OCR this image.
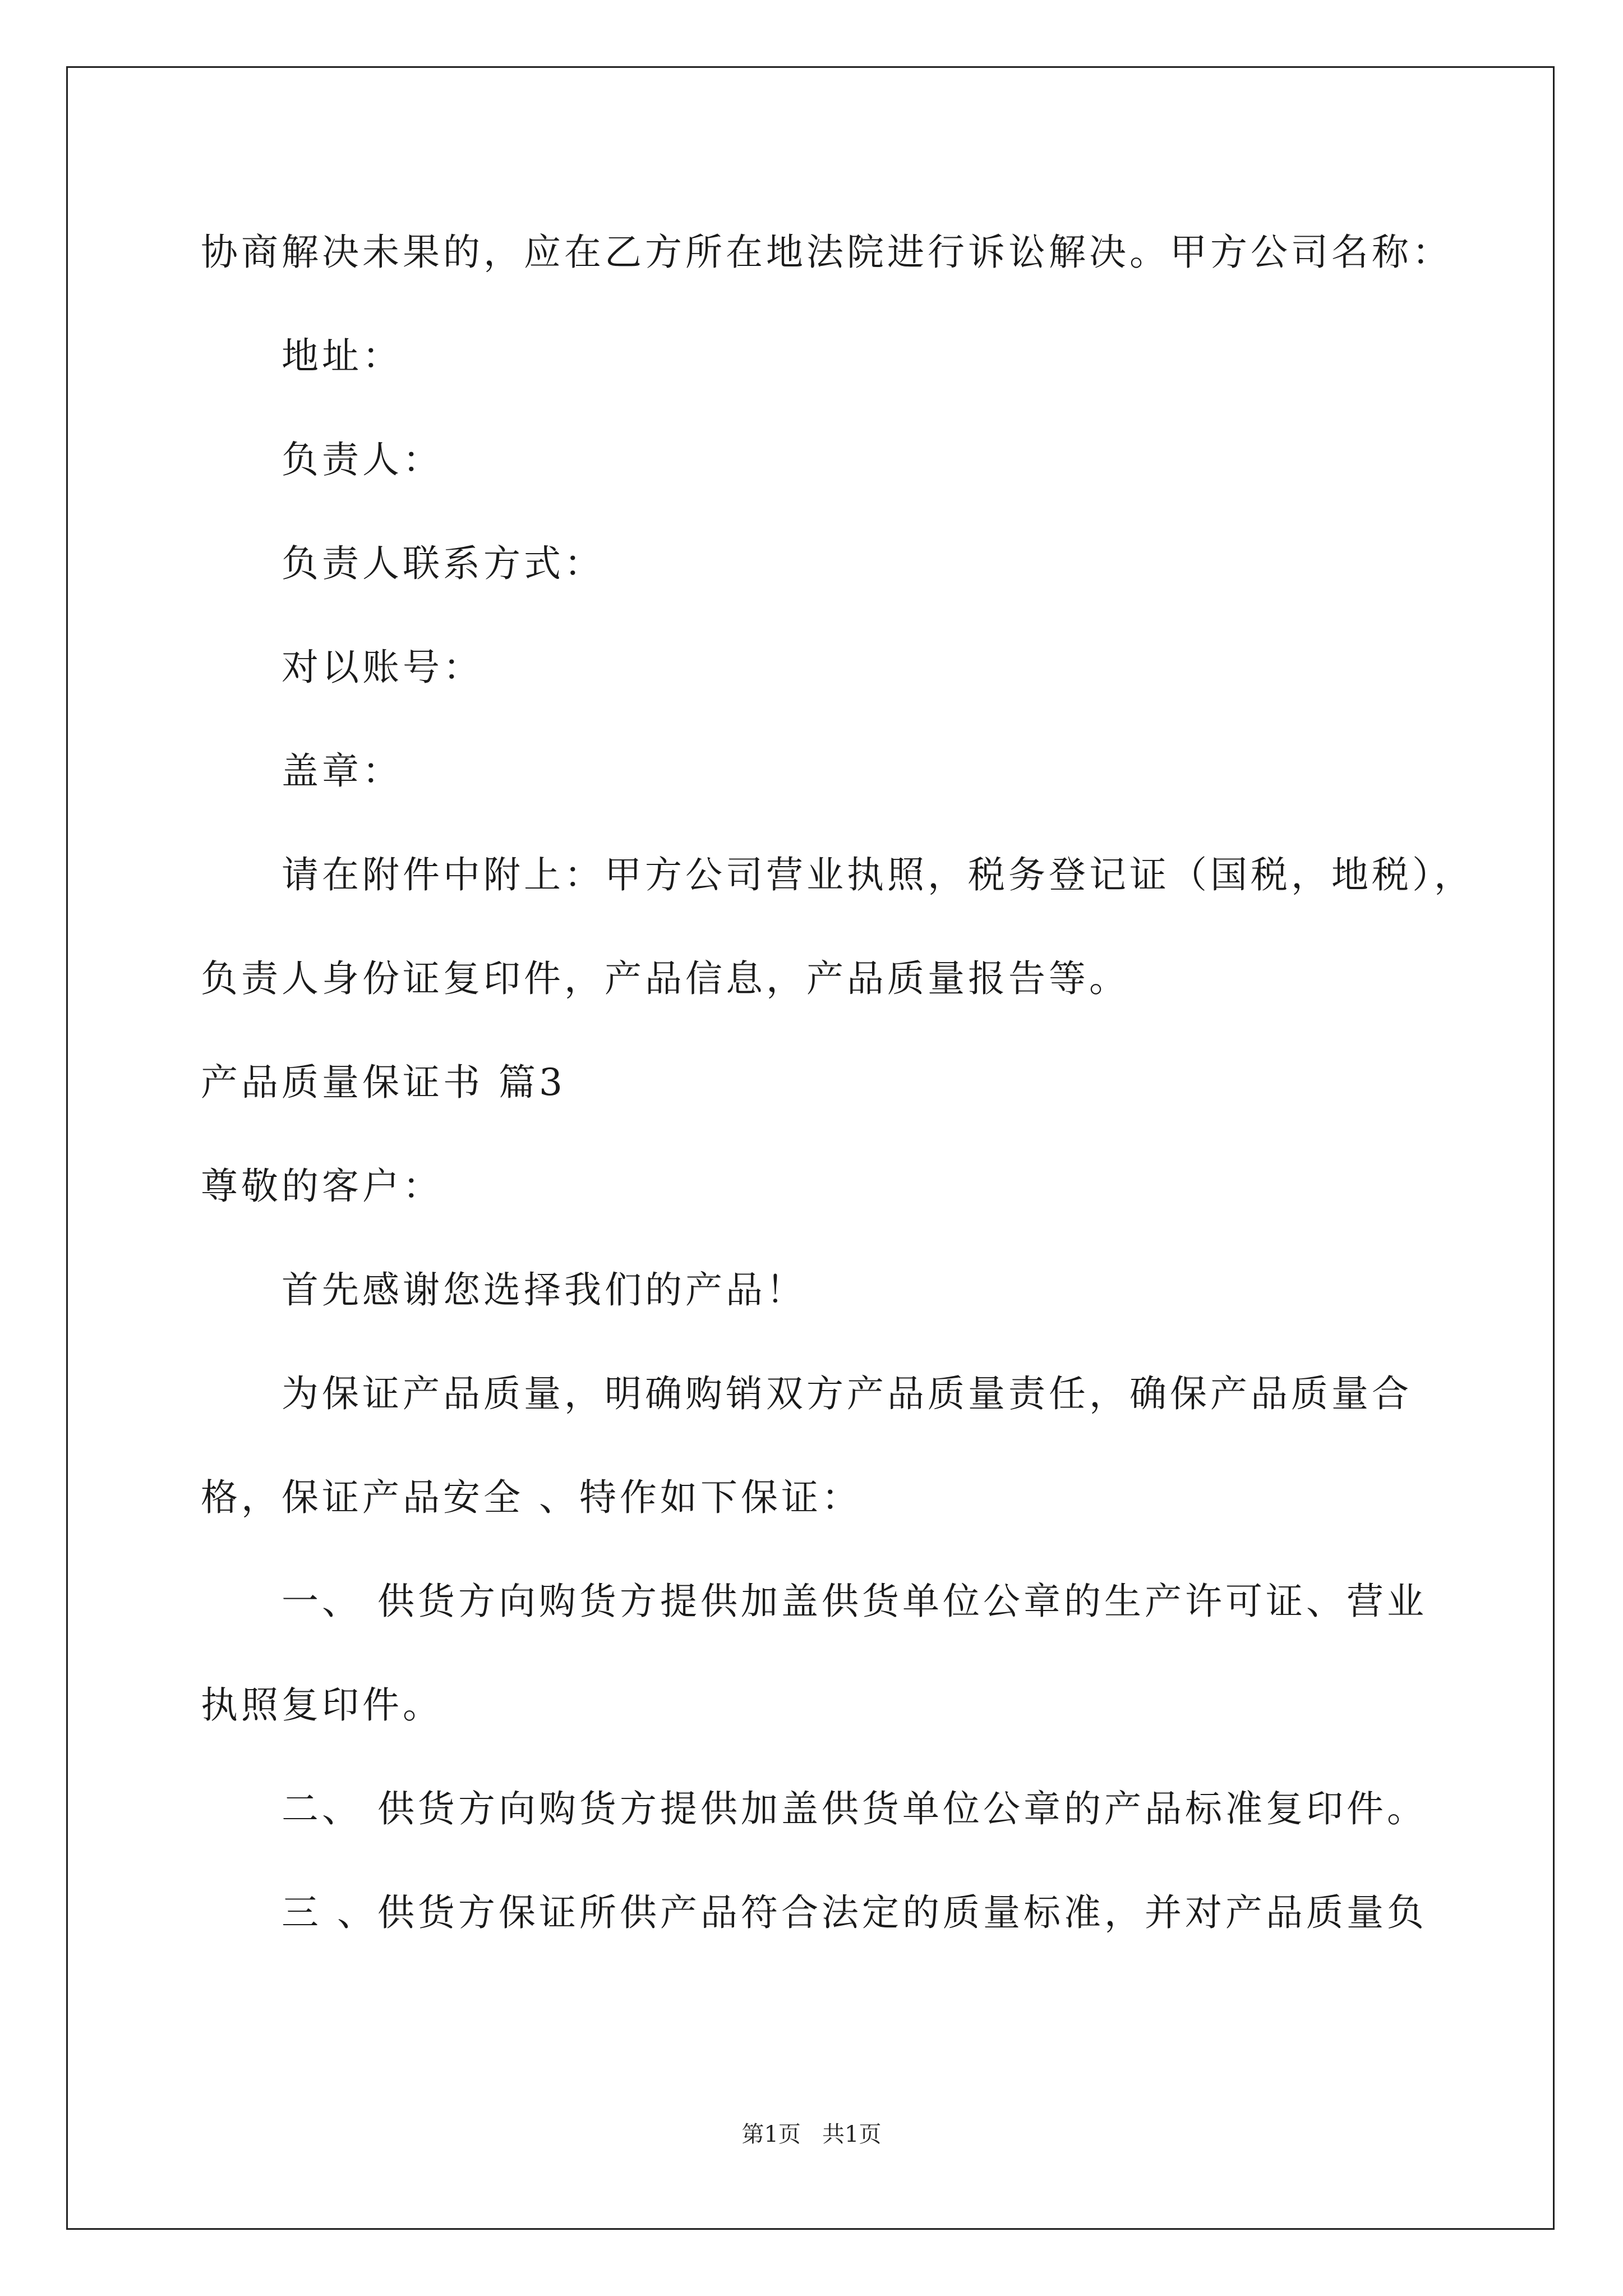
协商解决未果的，应在乙方所在地法院进行诉讼解决。甲方公司名称：
地址：
负责人：
负责人联系方式：
对以账号：
盖章：
请在附件中附上：甲方公司营业执照，税务登记证（国税，地税），
负责人身份证复印件，产品信息，产品质量报告等。
产品质量保证书 篇3
尊敬的客户：
首先感谢您选择我们的产品！
为保证产品质量，明确购销双方产品质量责任，确保产品质量合
格，保证产品安全 、特作如下保证：
一、 供货方向购货方提供加盖供货单位公章的生产许可证、营业
执照复印件。
二、 供货方向购货方提供加盖供货单位公章的产品标准复印件。
三 、供货方保证所供产品符合法定的质量标准，并对产品质量负
第1页   共1页
